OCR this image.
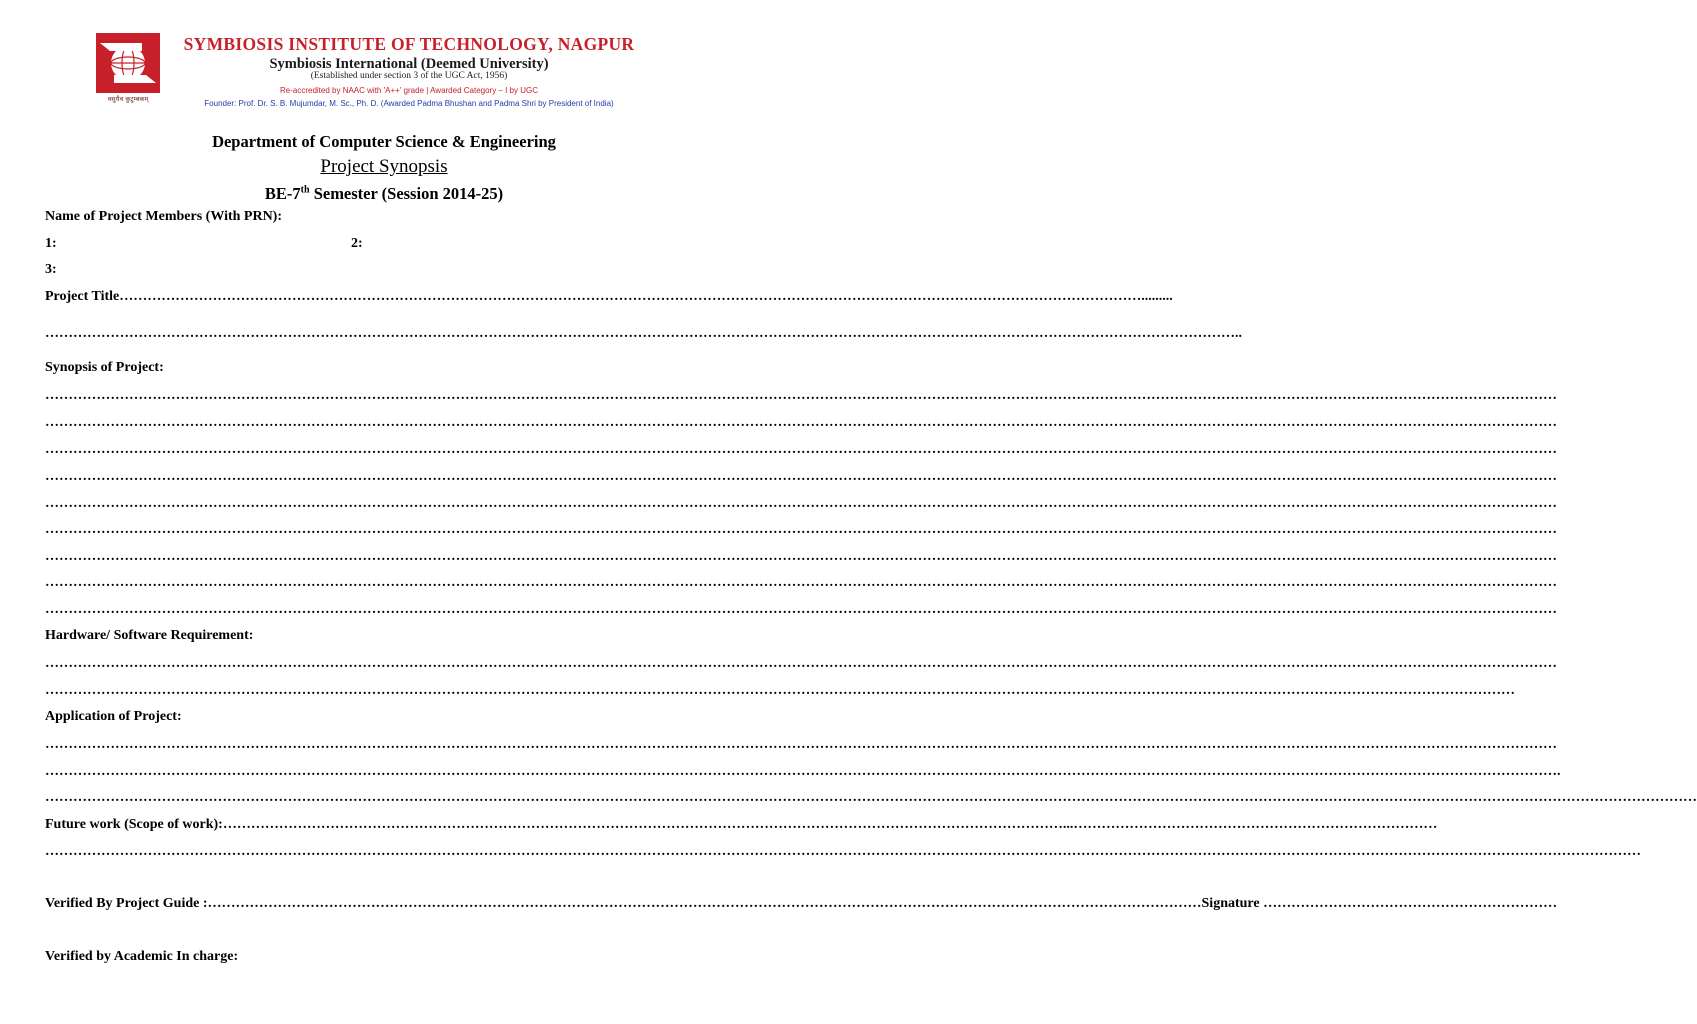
वसुधैव कुटुम्बकम्
SYMBIOSIS INSTITUTE OF TECHNOLOGY, NAGPUR
Symbiosis International (Deemed University)
(Established under section 3 of the UGC Act, 1956)
Re-accredited by NAAC with 'A++' grade | Awarded Category – I by UGC
Founder: Prof. Dr. S. B. Mujumdar, M. Sc., Ph. D. (Awarded Padma Bhushan and Padma Shri by President of India)
Department of Computer Science & Engineering
Project Synopsis
BE-7th Semester (Session 2014-25)
Name of Project Members (With PRN):
1:	2:
3:
Project Title………………………………………………………………………………………………………………………………………………………………………………………………….........
…………………………………………………………………………………………………………………………………………………………………………………………………………………………………..
Synopsis of Project:
………………………………………………………………………………………………………………………………………………………………………………………………………………………………………………………………………………………………
………………………………………………………………………………………………………………………………………………………………………………………………………………………………………………………………………………………………
………………………………………………………………………………………………………………………………………………………………………………………………………………………………………………………………………………………………
………………………………………………………………………………………………………………………………………………………………………………………………………………………………………………………………………………………………
………………………………………………………………………………………………………………………………………………………………………………………………………………………………………………………………………………………………
………………………………………………………………………………………………………………………………………………………………………………………………………………………………………………………………………………………………
………………………………………………………………………………………………………………………………………………………………………………………………………………………………………………………………………………………………
………………………………………………………………………………………………………………………………………………………………………………………………………………………………………………………………………………………………
………………………………………………………………………………………………………………………………………………………………………………………………………………………………………………………………………………………………
Hardware/ Software Requirement:
………………………………………………………………………………………………………………………………………………………………………………………………………………………………………………………………………………………………
………………………………………………………………………………………………………………………………………………………………………………………………………………………………………………………………………………………
Application of Project:
………………………………………………………………………………………………………………………………………………………………………………………………………………………………………………………………………………………………
……………………………………………………………………………………………………………………………………………………………………………………………………………………………………………………………………………………………….
…………………………………………………………………………………………………………………………………………………………………………………………………………………………………………………………………………………………………………………………
Future work (Scope of work):………………………………………………………………………………………………………………………………………………………………...……………………………………………………………………
………………………………………………………………………………………………………………………………………………………………………………………………………………………………………………………………………………………………………………
Verified By Project Guide :……………………………………………………………………………………………………………………………………………………………………………………………Signature ………………………………………………………
Verified by Academic In charge:
